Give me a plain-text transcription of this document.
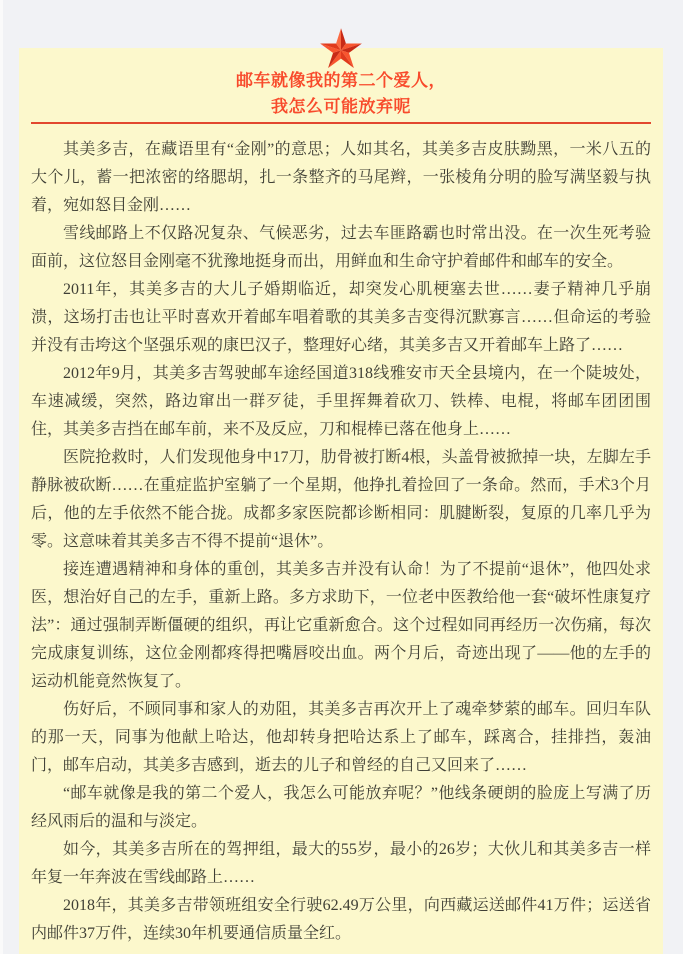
邮车就像我的第二个爱人，
我怎么可能放弃呢

其美多吉，在藏语里有“金刚”的意思；人如其名，其美多吉皮肤黝黑，一米八五的大个儿，蓄一把浓密的络腮胡，扎一条整齐的马尾辫，一张棱角分明的脸写满坚毅与执着，宛如怒目金刚……

雪线邮路上不仅路况复杂、气候恶劣，过去车匪路霸也时常出没。在一次生死考验面前，这位怒目金刚毫不犹豫地挺身而出，用鲜血和生命守护着邮件和邮车的安全。

2011年，其美多吉的大儿子婚期临近，却突发心肌梗塞去世……妻子精神几乎崩溃，这场打击也让平时喜欢开着邮车唱着歌的其美多吉变得沉默寡言……但命运的考验并没有击垮这个坚强乐观的康巴汉子，整理好心绪，其美多吉又开着邮车上路了……

2012年9月，其美多吉驾驶邮车途经国道318线雅安市天全县境内，在一个陡坡处，车速减缓，突然，路边窜出一群歹徒，手里挥舞着砍刀、铁棒、电棍，将邮车团团围住，其美多吉挡在邮车前，来不及反应，刀和棍棒已落在他身上……

医院抢救时，人们发现他身中17刀，肋骨被打断4根，头盖骨被掀掉一块，左脚左手静脉被砍断……在重症监护室躺了一个星期，他挣扎着捡回了一条命。然而，手术3个月后，他的左手依然不能合拢。成都多家医院都诊断相同：肌腱断裂，复原的几率几乎为零。这意味着其美多吉不得不提前“退休”。

接连遭遇精神和身体的重创，其美多吉并没有认命！为了不提前“退休”，他四处求医，想治好自己的左手，重新上路。多方求助下，一位老中医教给他一套“破坏性康复疗法”：通过强制弄断僵硬的组织，再让它重新愈合。这个过程如同再经历一次伤痛，每次完成康复训练，这位金刚都疼得把嘴唇咬出血。两个月后，奇迹出现了——他的左手的运动机能竟然恢复了。

伤好后，不顾同事和家人的劝阻，其美多吉再次开上了魂牵梦萦的邮车。回归车队的那一天，同事为他献上哈达，他却转身把哈达系上了邮车，踩离合，挂排挡，轰油门，邮车启动，其美多吉感到，逝去的儿子和曾经的自己又回来了……

“邮车就像是我的第二个爱人，我怎么可能放弃呢？”他线条硬朗的脸庞上写满了历经风雨后的温和与淡定。

如今，其美多吉所在的驾押组，最大的55岁，最小的26岁；大伙儿和其美多吉一样年复一年奔波在雪线邮路上……

2018年，其美多吉带领班组安全行驶62.49万公里，向西藏运送邮件41万件；运送省内邮件37万件，连续30年机要通信质量全红。
